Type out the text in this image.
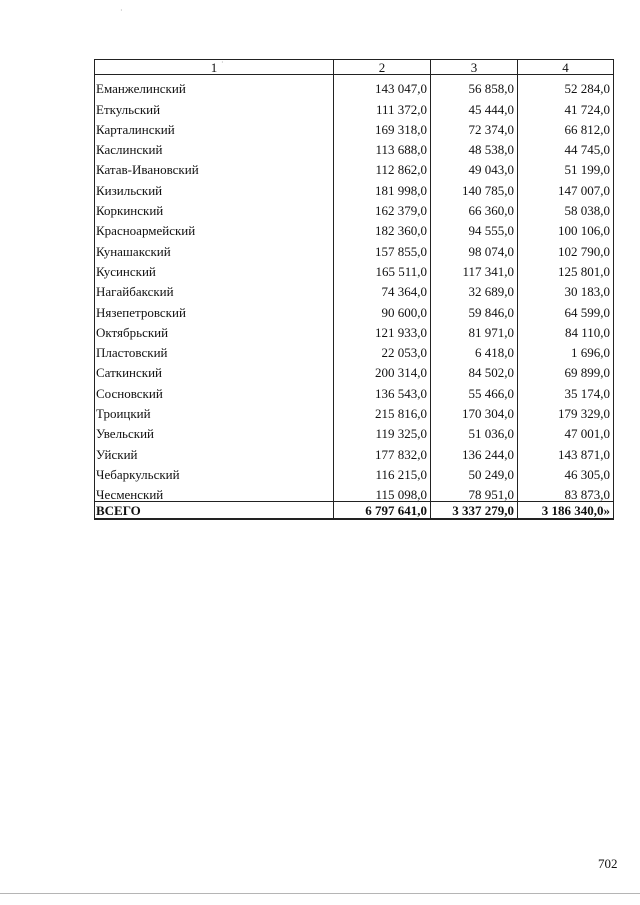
·
·
1	2	3	4
Еманжелинский	143 047,0	56 858,0	52 284,0
Еткульский	111 372,0	45 444,0	41 724,0
Карталинский	169 318,0	72 374,0	66 812,0
Каслинский	113 688,0	48 538,0	44 745,0
Катав-Ивановский	112 862,0	49 043,0	51 199,0
Кизильский	181 998,0	140 785,0	147 007,0
Коркинский	162 379,0	66 360,0	58 038,0
Красноармейский	182 360,0	94 555,0	100 106,0
Кунашакский	157 855,0	98 074,0	102 790,0
Кусинский	165 511,0	117 341,0	125 801,0
Нагайбакский	74 364,0	32 689,0	30 183,0
Нязепетровский	90 600,0	59 846,0	64 599,0
Октябрьский	121 933,0	81 971,0	84 110,0
Пластовский	22 053,0	6 418,0	1 696,0
Саткинский	200 314,0	84 502,0	69 899,0
Сосновский	136 543,0	55 466,0	35 174,0
Троицкий	215 816,0	170 304,0	179 329,0
Увельский	119 325,0	51 036,0	47 001,0
Уйский	177 832,0	136 244,0	143 871,0
Чебаркульский	116 215,0	50 249,0	46 305,0
Чесменский	115 098,0	78 951,0	83 873,0
ВСЕГО	6 797 641,0	3 337 279,0	3 186 340,0»
702
